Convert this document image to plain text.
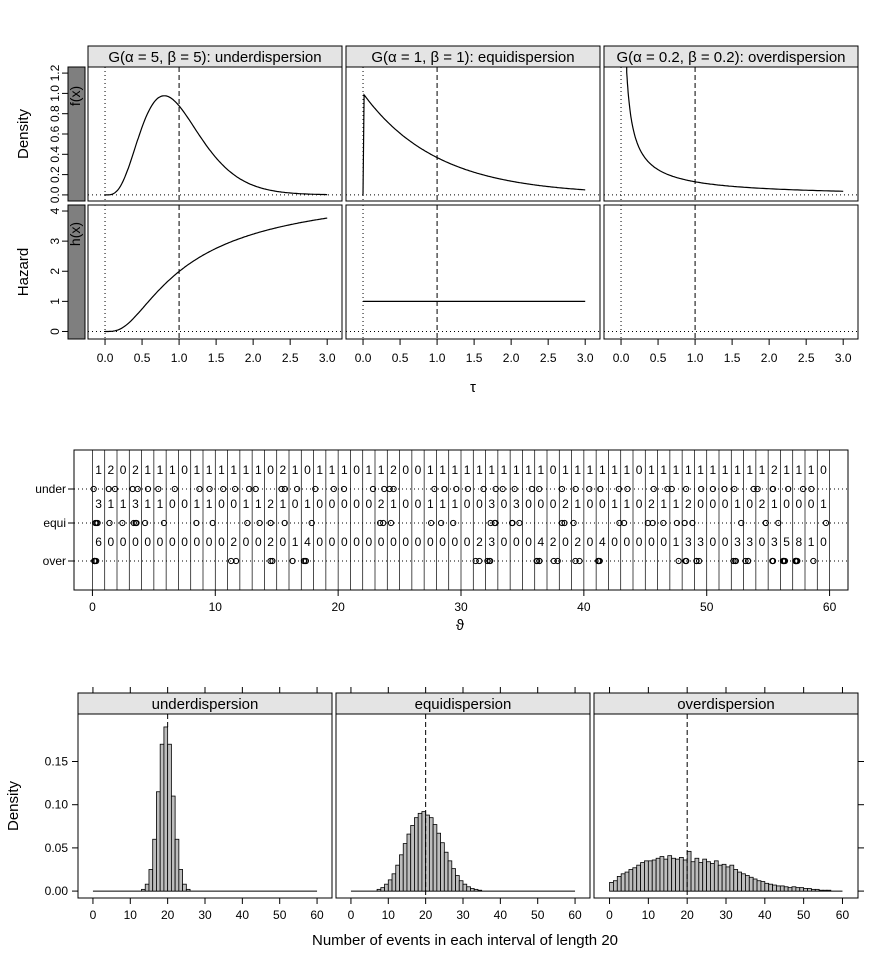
G(α = 5, β = 5): underdispersion	G(α = 1, β = 1): equidispersion	G(α = 0.2, β = 0.2): overdispersion
f(x)
Density
h(x)
Hazard
0.0
0.2
0.4
0.6
0.8
1.0
1.2
0
1
2
3
4
0.0 0.5 1.0 1.5 2.0 2.5 3.0 0.0 0.5 1.0 1.5 2.0 2.5 3.0 0.0 0.5 1.0 1.5 2.0 2.5 3.0
τ
under
equi
over
1 2 0 2 1 1 1 0 1 1 1 1 1 1 0 2 1 0 1 1 1 0 1 1 2 0 0 1 1 1 1 1 1 1 1 1 1 0 1 1 1 1 1 1 0 1 1 1 1 1 1 1 1 1 1 2 1 1 1 0
3 1 1 3 1 1 0 0 1 1 0 0 1 1 2 1 0 1 0 0 0 0 0 2 1 0 0 1 1 1 0 0 3 0 3 0 0 0 2 1 0 0 1 1 0 2 1 1 2 0 0 0 1 0 2 1 0 0 0 1
6 0 0 0 0 0 0 0 0 0 0 2 0 0 2 0 1 4 0 0 0 0 0 0 0 0 0 0 0 0 0 2 3 0 0 0 4 2 0 2 0 4 0 0 0 0 0 1 3 3 0 0 3 3 0 3 5 8 1 0
0	10	20	30	40	50	60
ϑ
underdispersion
0 10 20 30 40 50 60
equidispersion
0 10 20 30 40 50 60
overdispersion
0 10 20 30 40 50 60
0.00
0.05
0.10
0.15
Density
Number of events in each interval of length 20
